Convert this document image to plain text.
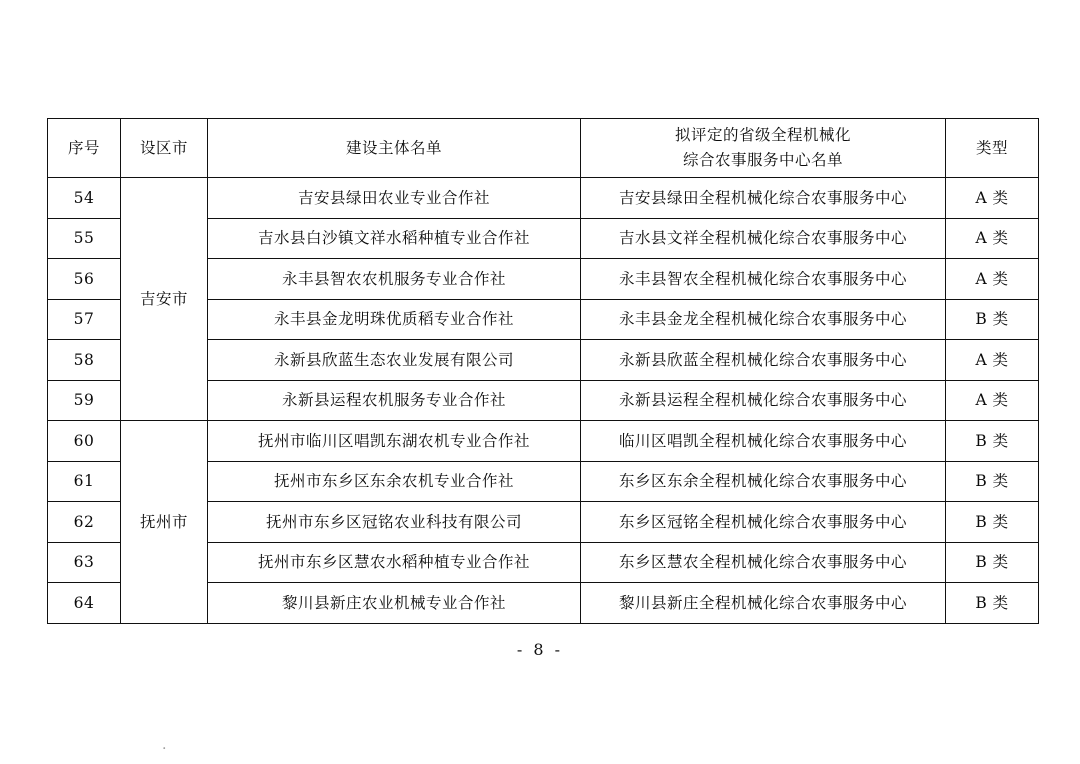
序号	设区市	建设主体名单	拟评定的省级全程机械化
综合农事服务中心名单	类型
54	吉安市	吉安县绿田农业专业合作社	吉安县绿田全程机械化综合农事服务中心	A 类
55		吉水县白沙镇文祥水稻种植专业合作社	吉水县文祥全程机械化综合农事服务中心	A 类
56		永丰县智农农机服务专业合作社	永丰县智农全程机械化综合农事服务中心	A 类
57		永丰县金龙明珠优质稻专业合作社	永丰县金龙全程机械化综合农事服务中心	B 类
58		永新县欣蓝生态农业发展有限公司	永新县欣蓝全程机械化综合农事服务中心	A 类
59		永新县运程农机服务专业合作社	永新县运程全程机械化综合农事服务中心	A 类
60	抚州市	抚州市临川区唱凯东湖农机专业合作社	临川区唱凯全程机械化综合农事服务中心	B 类
61		抚州市东乡区东余农机专业合作社	东乡区东余全程机械化综合农事服务中心	B 类
62		抚州市东乡区冠铭农业科技有限公司	东乡区冠铭全程机械化综合农事服务中心	B 类
63		抚州市东乡区慧农水稻种植专业合作社	东乡区慧农全程机械化综合农事服务中心	B 类
64		黎川县新庄农业机械专业合作社	黎川县新庄全程机械化综合农事服务中心	B 类
- 8 -
.
